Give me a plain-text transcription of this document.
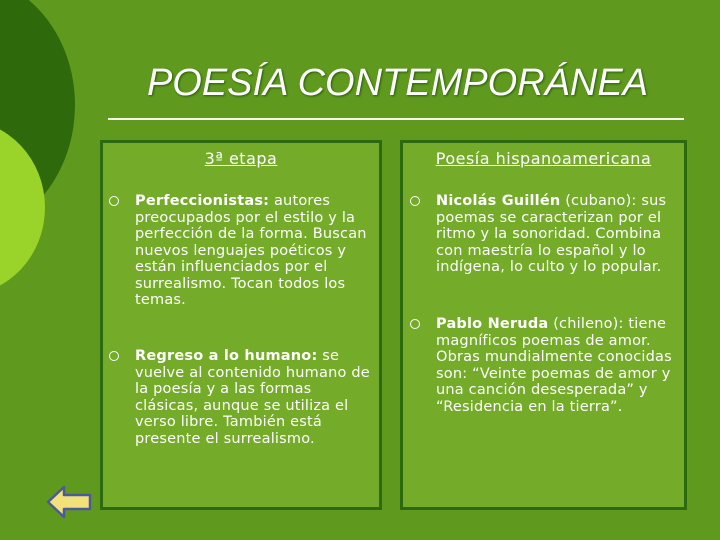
POESÍA CONTEMPORÁNEA
3ª etapa
Perfeccionistas: autores preocupados por el estilo y la perfección de la forma. Buscan nuevos lenguajes poéticos y están influenciados por el surrealismo. Tocan todos los temas.
Regreso a lo humano: se vuelve al contenido humano de la poesía y a las formas clásicas, aunque se utiliza el verso libre. También está presente el surrealismo.
Poesía hispanoamericana
Nicolás Guillén (cubano): sus poemas se caracterizan por el ritmo y la sonoridad. Combina con maestría lo español y lo indígena, lo culto y lo popular.
Pablo Neruda (chileno): tiene magníficos poemas de amor. Obras mundialmente conocidas son: “Veinte poemas de amor y una canción desesperada” y “Residencia en la tierra”.
